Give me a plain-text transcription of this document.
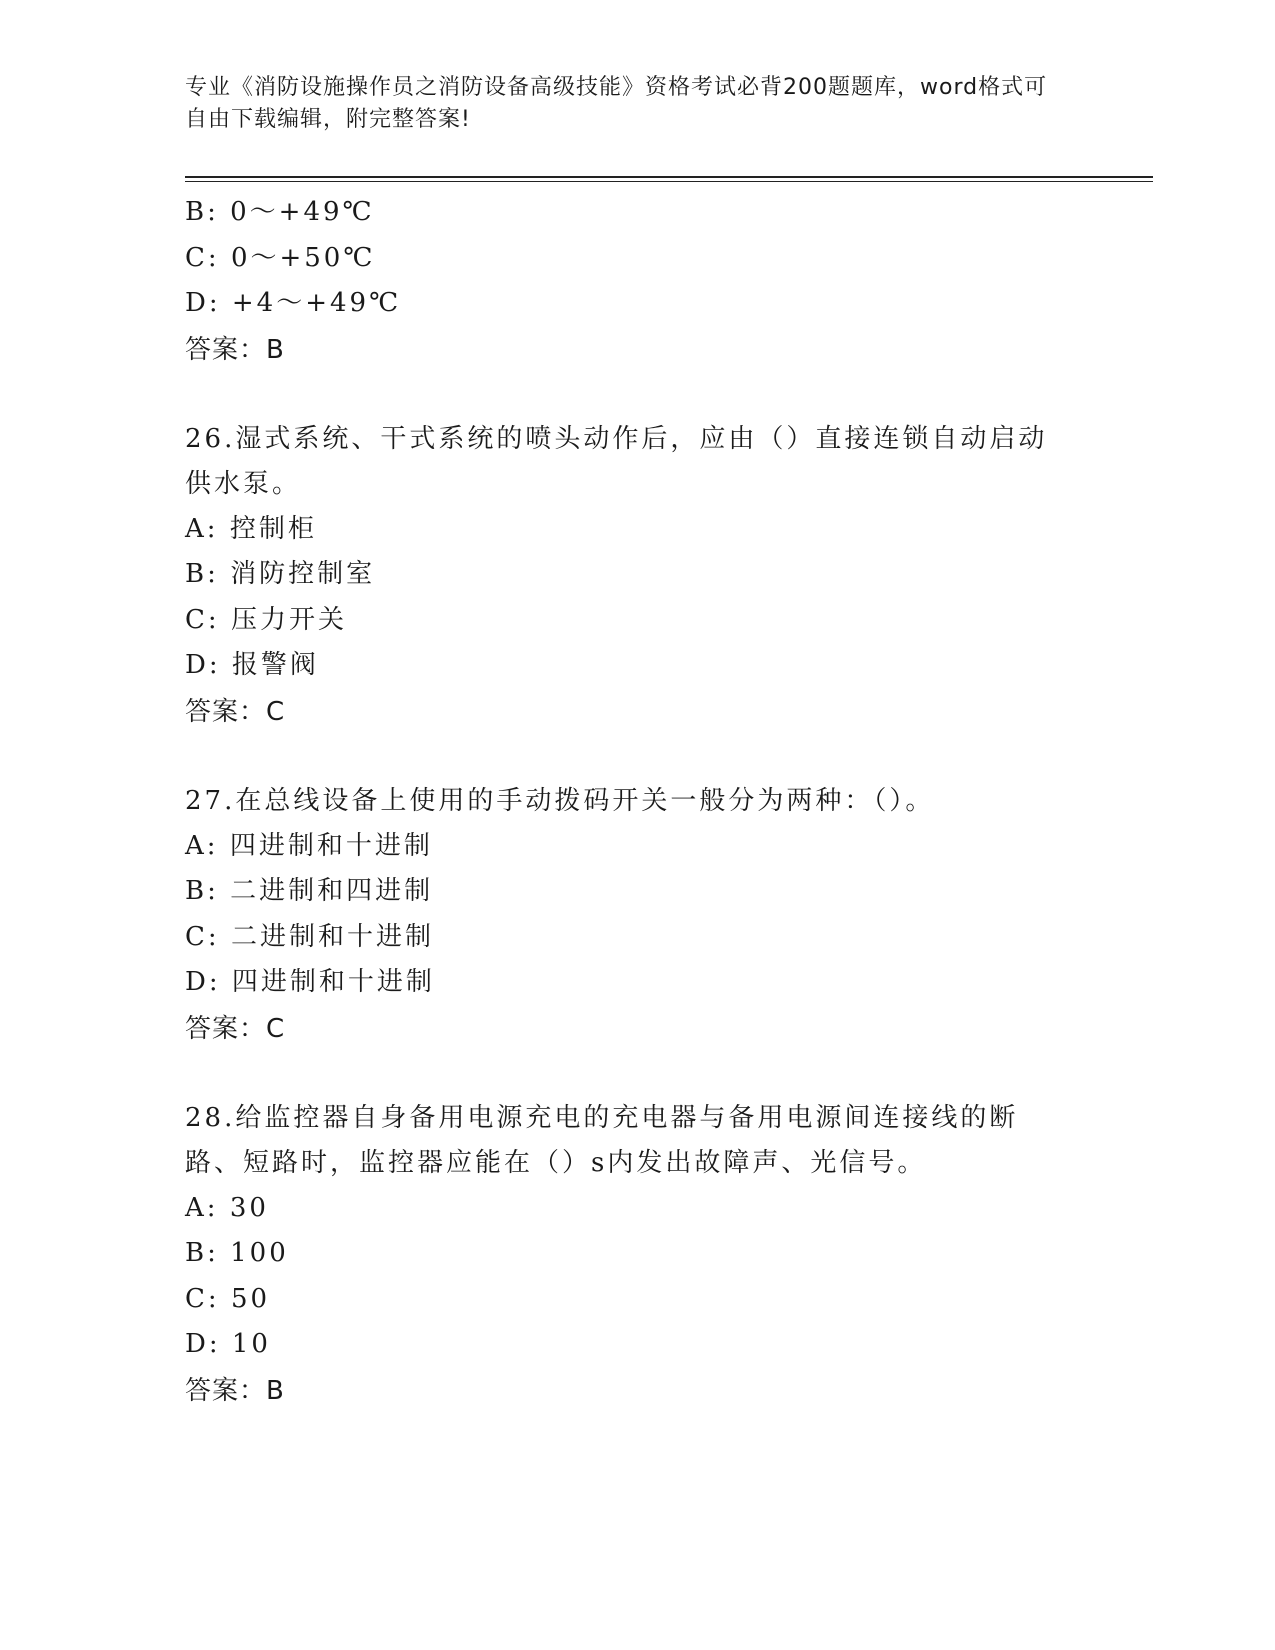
专业《消防设施操作员之消防设备高级技能》资格考试必背200题题库，word格式可自由下载编辑，附完整答案!
B: 0～+49℃
C: 0～+50℃
D: +4～+49℃
答案：B
26.湿式系统、干式系统的喷头动作后，应由（）直接连锁自动启动供水泵。
A: 控制柜
B: 消防控制室
C: 压力开关
D: 报警阀
答案：C
27.在总线设备上使用的手动拨码开关一般分为两种：（）。
A: 四进制和十进制
B: 二进制和四进制
C: 二进制和十进制
D: 四进制和十进制
答案：C
28.给监控器自身备用电源充电的充电器与备用电源间连接线的断路、短路时，监控器应能在（）s内发出故障声、光信号。
A: 30
B: 100
C: 50
D: 10
答案：B
